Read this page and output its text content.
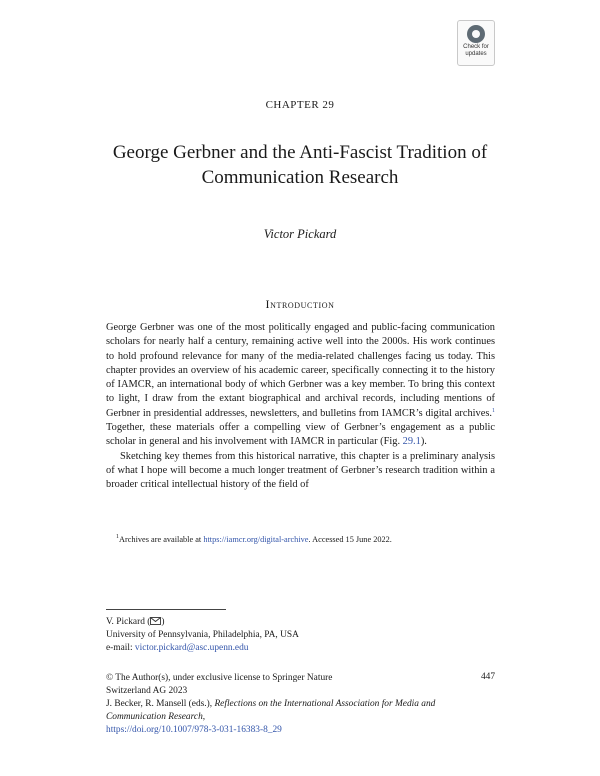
Check for
updates
CHAPTER 29
George Gerbner and the Anti-Fascist Tradition of Communication Research
Victor Pickard
Introduction

George Gerbner was one of the most politically engaged and public-facing communication scholars for nearly half a century, remaining active well into the 2000s. His work continues to hold profound relevance for many of the media-related challenges facing us today. This chapter provides an overview of his academic career, specifically connecting it to the history of IAMCR, an international body of which Gerbner was a key member. To bring this context to light, I draw from the extant biographical and archival records, including mentions of Gerbner in presidential addresses, newsletters, and bulletins from IAMCR’s digital archives.$^1$ Together, these materials offer a compelling view of Gerbner’s engagement as a public scholar in general and his involvement with IAMCR in particular (Fig. 29.1).

Sketching key themes from this historical narrative, this chapter is a preliminary analysis of what I hope will become a much longer treatment of Gerbner’s research tradition within a broader critical intellectual history of the field of

$^1$Archives are available at https://iamcr.org/digital-archive. Accessed 15 June 2022.
V. Pickard ( )
University of Pennsylvania, Philadelphia, PA, USA
e-mail: victor.pickard@asc.upenn.edu
© The Author(s), under exclusive license to Springer Nature
Switzerland AG 2023
J. Becker, R. Mansell (eds.), Reflections on the International Association for Media and Communication Research,
https://doi.org/10.1007/978-3-031-16383-8_29
447
